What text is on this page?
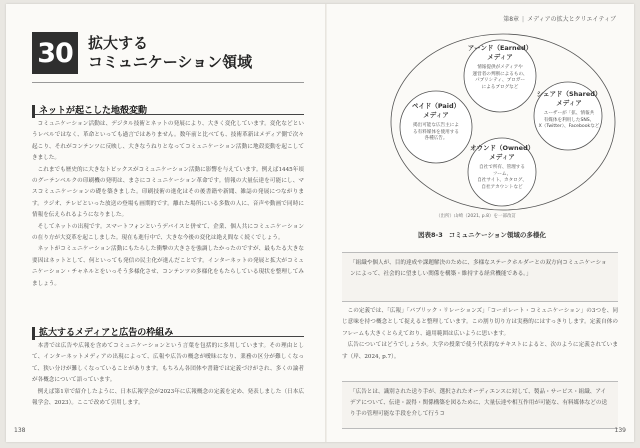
30	拡大する
コミュニケーション領域
ネットが起こした地殻変動

コミュニケーション活動は、デジタル技術とネットの発展により、大きく変化しています。変化などというレベルではなく、革命といっても過言ではありません。数年前と比べても、技術革新はメディア側で次々起こり、それがコンテンツに反映し、大きなうねりとなってコミュニケーション活動に地殻変動を起こしてきました。

これまでも歴史的に大きなトピックスがコミュニケーション活動に影響を与えています。例えば1445年頃のグーテンベルクの印刷機の発明は、まさにコミュニケーション革命です。情報の大量伝達を可能にし、マスコミュニケーションの礎を築きました。印刷技術の進化はその後書籍や新聞、雑誌の発展につながります。ラジオ、テレビといった放送の登場も画期的です。離れた場所にいる多数の人に、音声や動画で同時に情報を伝えられるようになりました。

そしてネットの出現です。スマートフォンというデバイスと併せて、企業、個人共にコミュニケーションの在り方が大変革を起こしました。現在も進行中で、大きな今後の変化は絶え間なく続くでしょう。

ネットがコミュニケーション活動にもたらした衝撃の大きさを強調したかったのですが、最もたる大きな要因はネットとして、何といっても発信の民主化が進んだことです。インターネットの発展と拡大がコミュニケーション・チャネルとをいっそう多様化させ、コンテンツの多様化をもたらしている現状を整理してみましょう。

拡大するメディアと広告の枠組み

本書では広告や広報を含めてコミュニケーションという言葉を包括的に多用しています。その理由として、インターネットメディアの出現によって、広報や広告の概念が曖昧になり、業務の区分が難しくなって、狭い分けが難しくなっていることがあります。もちろん各団体や書籍では定義づけがされ、多くの論者が各概念について語っています。

例えば第1章で紹介したように、日本広報学会が2023年に広報概念の定義を定め、発表しました（日本広報学会、2023）。ここで改めて引用します。

138
第8章 | メディアの拡大とクリエイティブ
アーンド（Earned）
メディア
情報提供がメディアや
運営者の判断によるもの、
パブリシティ、ブロガー
によるブログなど
シェアド（Shared）
メディア
ユーザーが「拡、情報共
有媒体を利用したSNS、
X（Twitter）、Facebookなど
ペイド（Paid）
メディア
掲出可能な広告主によ
る有料媒体を使用する
各種広告。
オウンド（Owned）
メディア
自社で所有、管理する
フーム、
自社サイト、カタログ、
自社アカウントなど
（出所）山崎（2021, p.8）を一部改訂
図表8-3 コミュニケーション領域の多様化
「組織や個人が、目的達成や課題解決のために、多様なステークホルダーとの双方向コミュニケーションによって、社会的に望ましい関係を構築・維持する経営機能である。」

この定義では、「広報」「パブリック・リレーションズ」「コーポレート・コミュニケーション」の3つを、同じ意味を持つ概念として捉えると整理しています。この割り切り方は実務的にはすっきりします。定義自体のフレームも大きくとらえており、適用範囲は広いように思います。

広告についてはどうでしょうか。大学の授業で使う代表的なテキストによると、次のように定義されています（岸、2024, p.7）。

「広告とは、識別された送り手が、選択されたオーディエンスに対して、製品・サービス・組織、アイデアについて、伝達・説得・関係構築を図るために、大量伝達や相互作用が可能な、有料媒体などの送り手の管理可能な手段を介して行うコ
139
